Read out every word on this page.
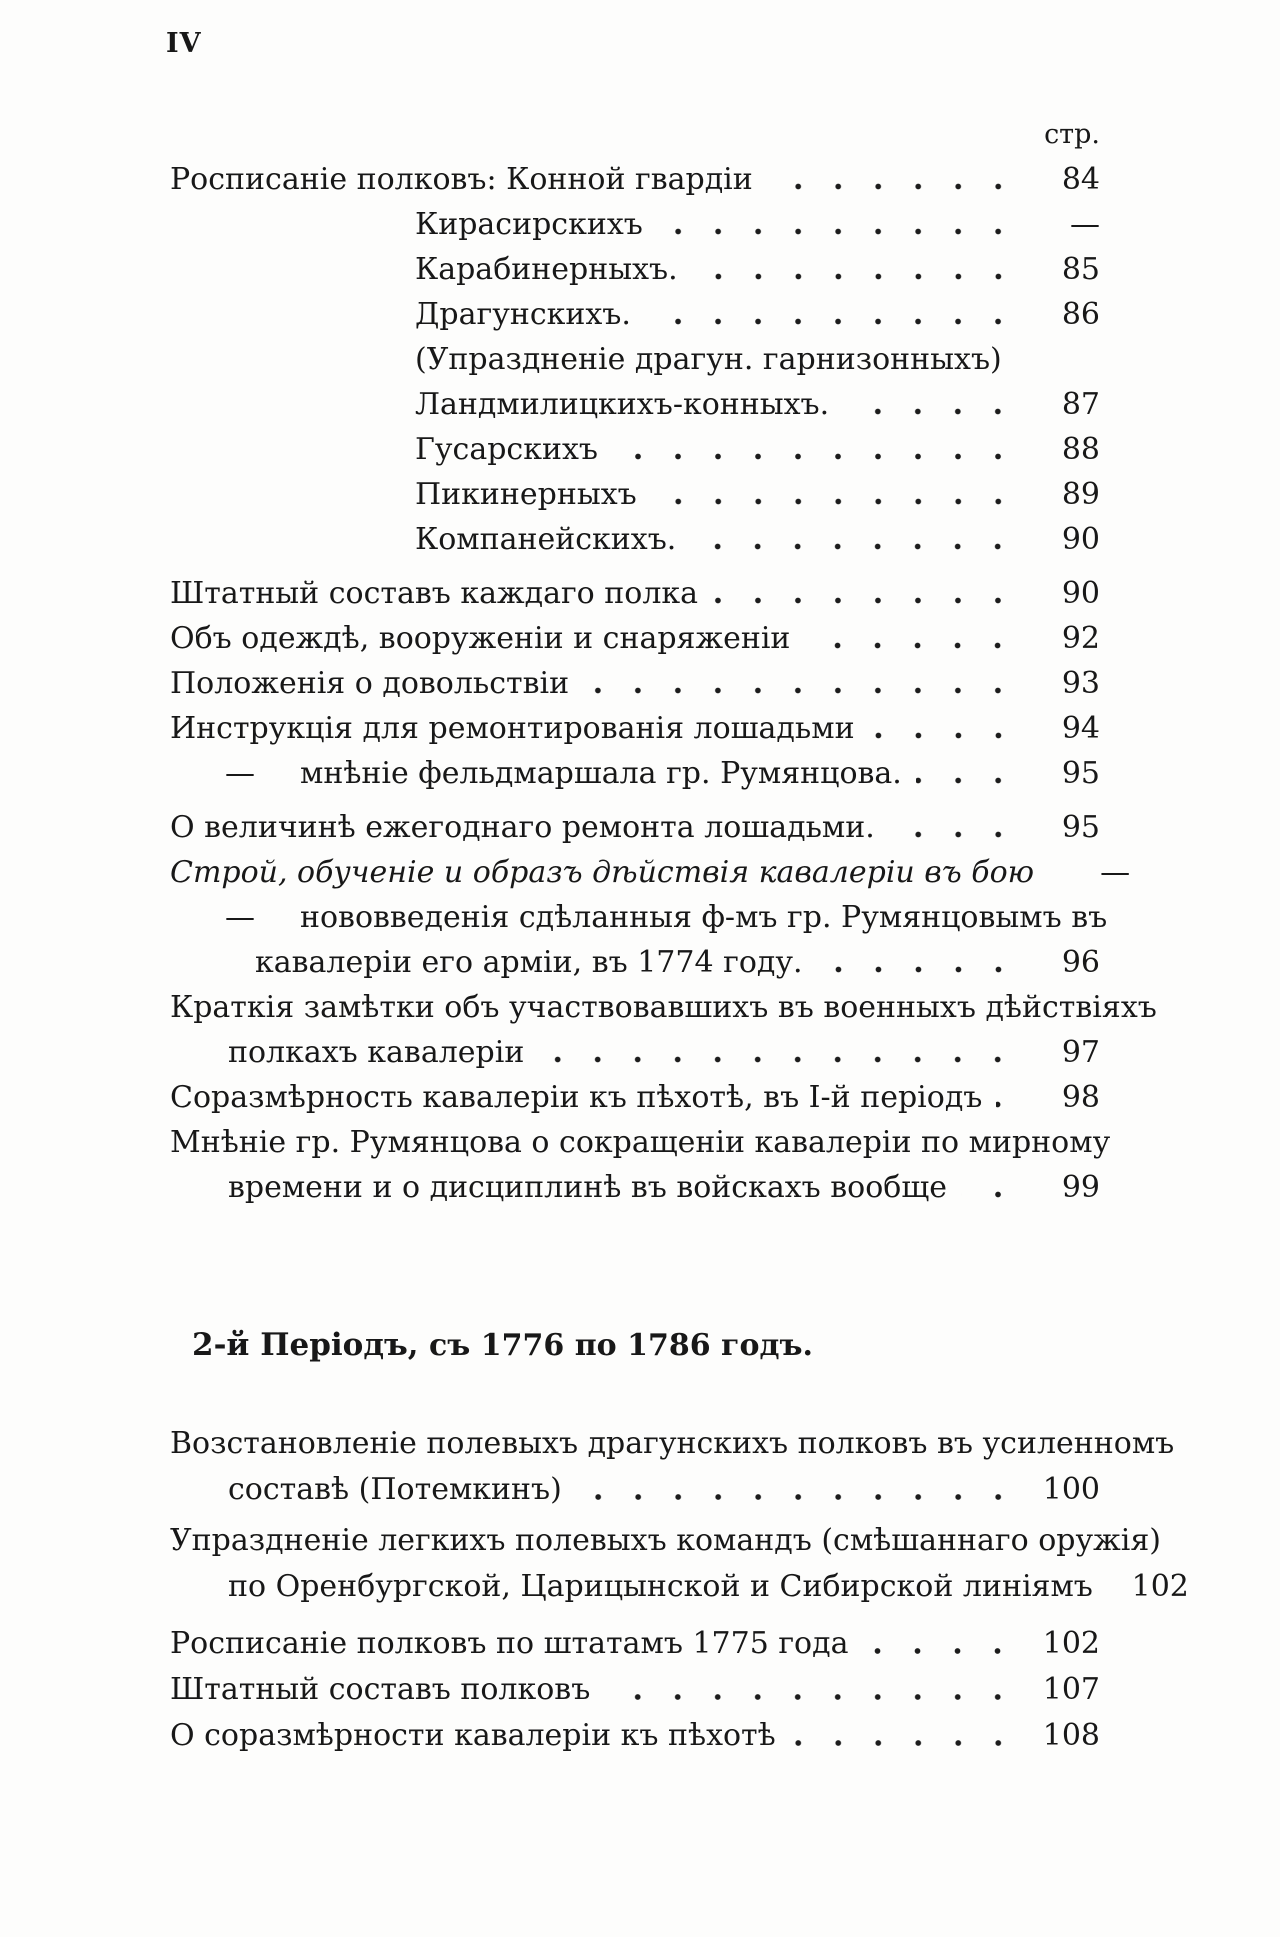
IV
стр.
Росписаніе полковъ: Конной гвардіи	84
Кирасирскихъ	—
Карабинерныхъ.	85
Драгунскихъ.	86
(Упраздненіе драгун. гарнизонныхъ)
Ландмилицкихъ-конныхъ.	87
Гусарскихъ	88
Пикинерныхъ	89
Компанейскихъ.	90
Штатный составъ каждаго полка	90
Объ одеждѣ, вооруженіи и снаряженіи	92
Положенія о довольствіи	93
Инструкція для ремонтированія лошадьми	94
—	мнѣніе фельдмаршала гр. Румянцова.	95
О величинѣ ежегоднаго ремонта лошадьми.	95
Строй, обученіе и образъ дѣйствія кавалеріи въ бою	—
—	нововведенія сдѣланныя ф-мъ гр. Румянцовымъ въ
кавалеріи его арміи, въ 1774 году.	96
Краткія замѣтки объ участвовавшихъ въ военныхъ дѣйствіяхъ
полкахъ кавалеріи	97
Соразмѣрность кавалеріи къ пѣхотѣ, въ І-й періодъ	98
Мнѣніе гр. Румянцова о сокращеніи кавалеріи по мирному
времени и о дисциплинѣ въ войскахъ вообще	99
2-й Періодъ, съ 1776 по 1786 годъ.
Возстановленіе полевыхъ драгунскихъ полковъ въ усиленномъ
составѣ (Потемкинъ)	100
Упраздненіе легкихъ полевыхъ командъ (смѣшаннаго оружія)
по Оренбургской, Царицынской и Сибирской линіямъ	102
Росписаніе полковъ по штатамъ 1775 года	102
Штатный составъ полковъ	107
О соразмѣрности кавалеріи къ пѣхотѣ	108
